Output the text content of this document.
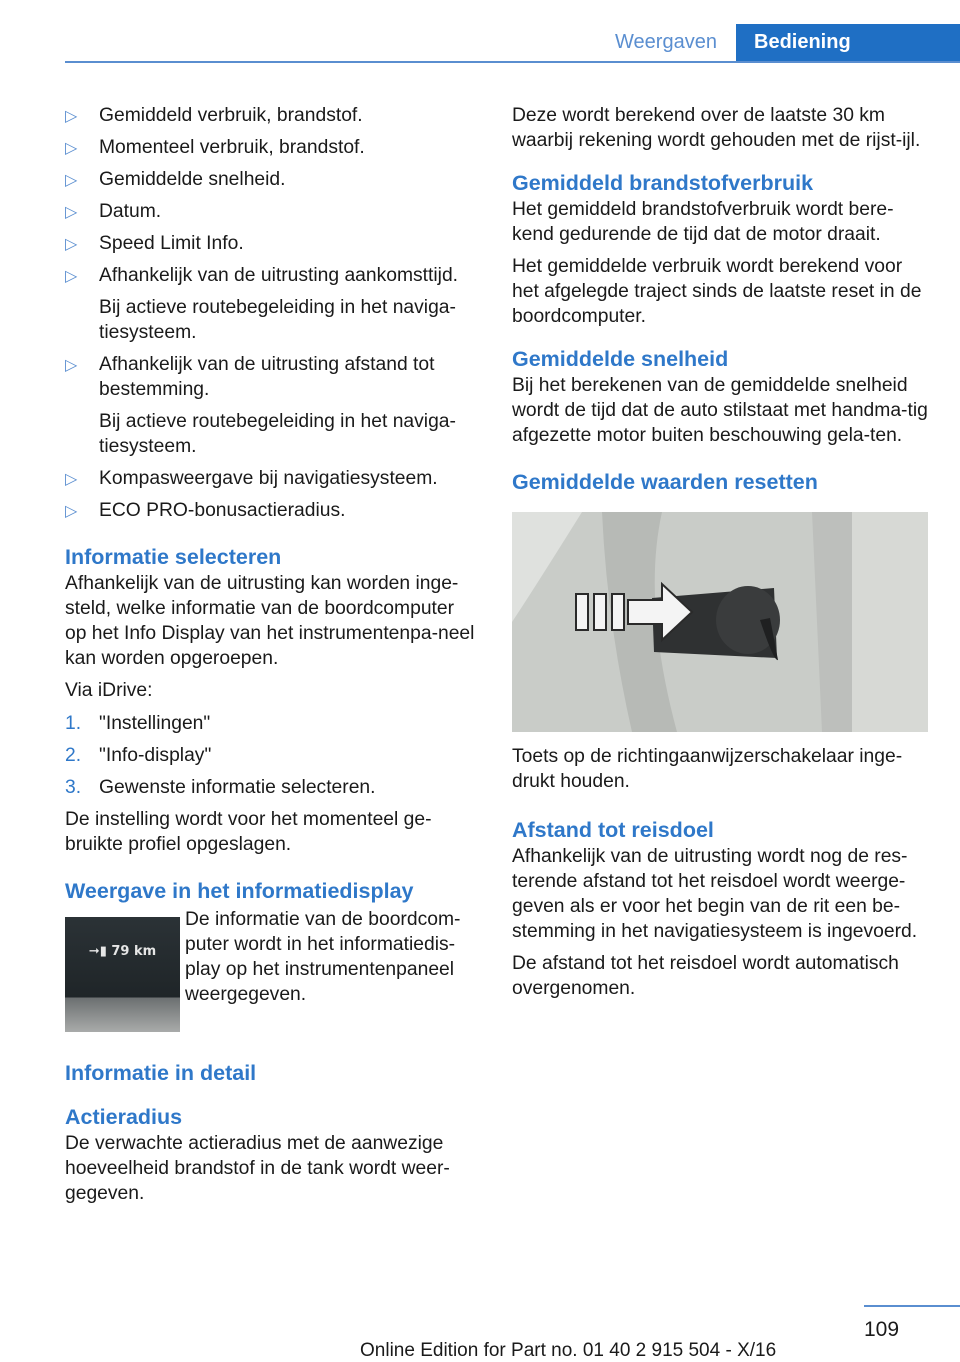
Weergaven	Bediening
▷ Gemiddeld verbruik, brandstof.
▷ Momenteel verbruik, brandstof.
▷ Gemiddelde snelheid.
▷ Datum.
▷ Speed Limit Info.
▷ Afhankelijk van de uitrusting aankomsttijd.
Bij actieve routebegeleiding in het naviga-tiesysteem.
▷ Afhankelijk van de uitrusting afstand tot bestemming.
Bij actieve routebegeleiding in het naviga-tiesysteem.
▷ Kompasweergave bij navigatiesysteem.
▷ ECO PRO-bonusactieradius.
Informatie selecteren

Afhankelijk van de uitrusting kan worden inge-steld, welke informatie van de boordcomputer op het Info Display van het instrumentenpa-neel kan worden opgeroepen.

Via iDrive:

1. "Instellingen"
2. "Info-display"
3. Gewenste informatie selecteren.

De instelling wordt voor het momenteel ge-bruikte profiel opgeslagen.

Weergave in het informatiedisplay
➞▮ 79 km
De informatie van de boordcom-puter wordt in het informatiedis-play op het instrumentenpaneel weergegeven.
Informatie in detail
Actieradius

De verwachte actieradius met de aanwezige hoeveelheid brandstof in de tank wordt weer-gegeven.

Deze wordt berekend over de laatste 30 km waarbij rekening wordt gehouden met de rijst-ijl.

Gemiddeld brandstofverbruik

Het gemiddeld brandstofverbruik wordt bere-kend gedurende de tijd dat de motor draait.

Het gemiddelde verbruik wordt berekend voor het afgelegde traject sinds de laatste reset in de boordcomputer.

Gemiddelde snelheid

Bij het berekenen van de gemiddelde snelheid wordt de tijd dat de auto stilstaat met handma-tig afgezette motor buiten beschouwing gela-ten.

Gemiddelde waarden resetten

Toets op de richtingaanwijzerschakelaar inge-drukt houden.

Afstand tot reisdoel

Afhankelijk van de uitrusting wordt nog de res-terende afstand tot het reisdoel wordt weerge-geven als er voor het begin van de rit een be-stemming in het navigatiesysteem is ingevoerd.

De afstand tot het reisdoel wordt automatisch overgenomen.

109
Online Edition for Part no. 01 40 2 915 504 - X/16
